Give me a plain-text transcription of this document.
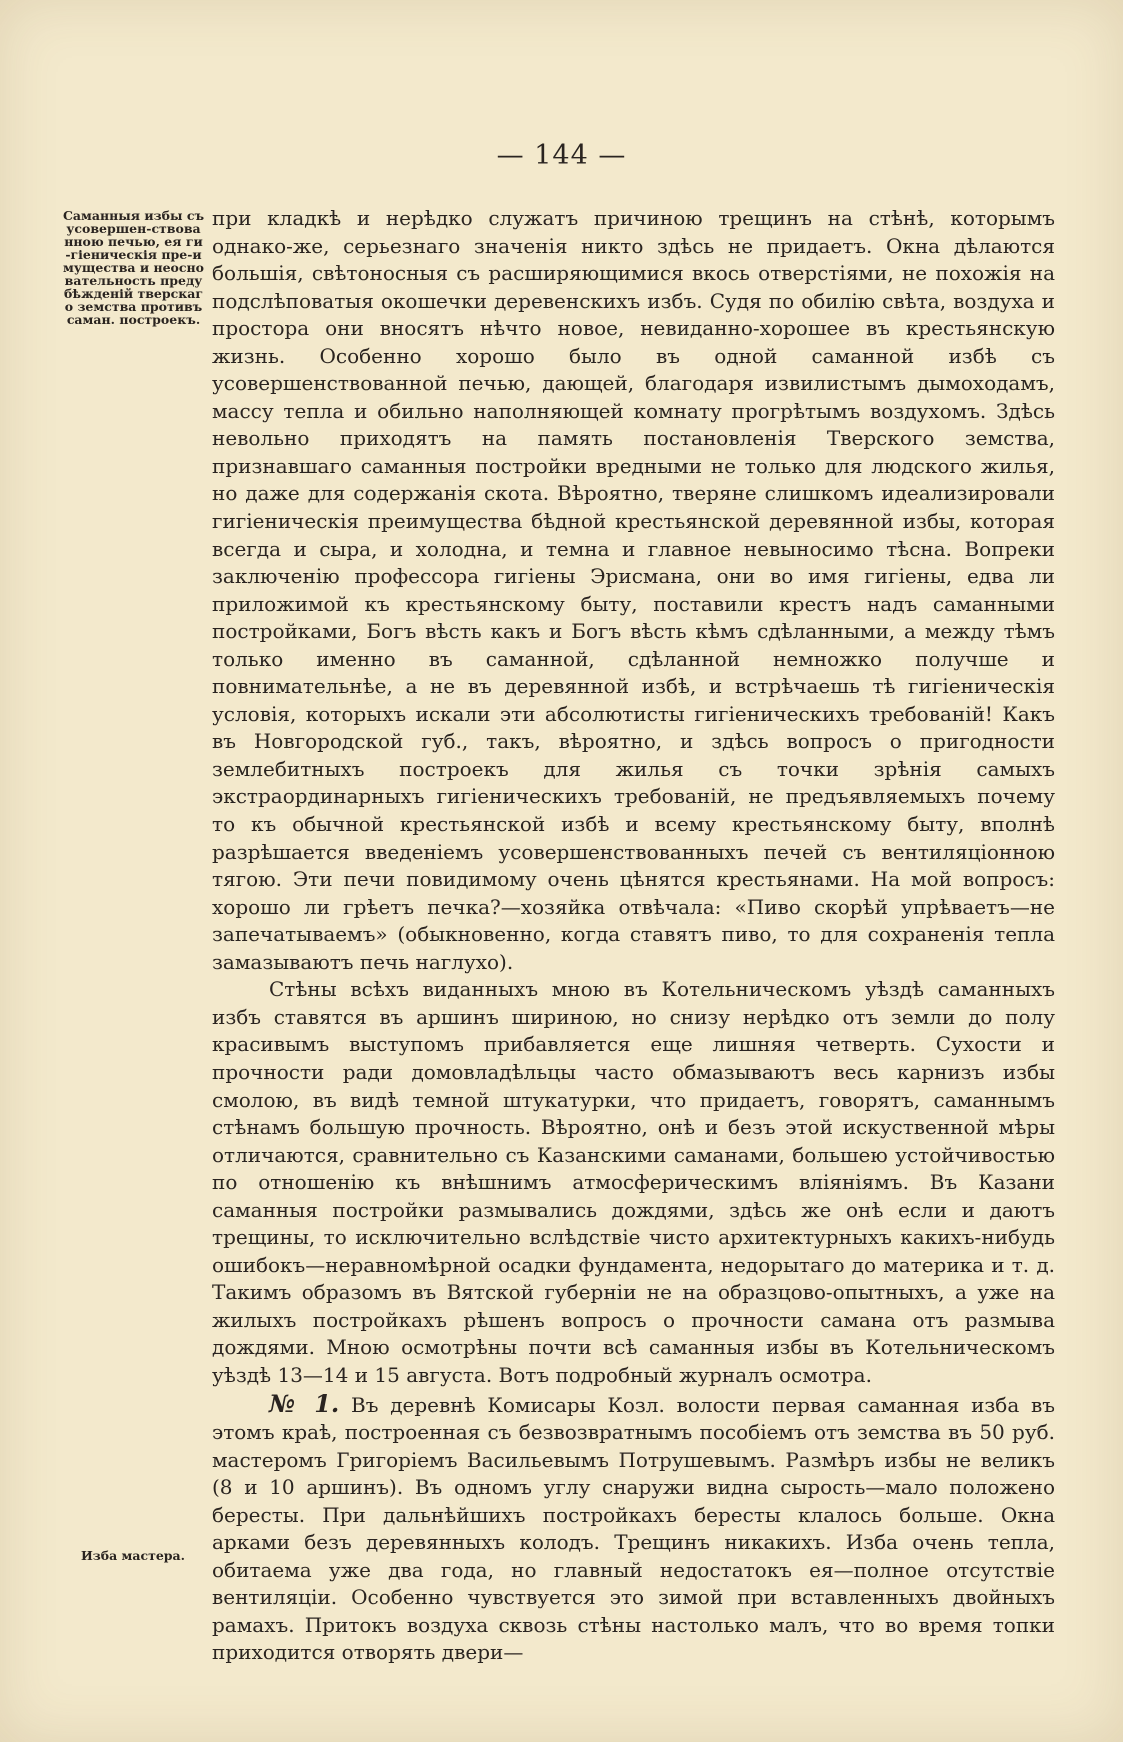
— 144 —
Саманныя избы съ усовершен-ствованною печью, ея ги-гіеническія пре-имущества и неосновательность предубѣжденій тверскаго земства противъ саман. построекъ.
Изба мастера.

при кладкѣ и нерѣдко служатъ причиною трещинъ на стѣнѣ, которымъ однако-же, серьезнаго значенія никто здѣсь не придаетъ. Окна дѣлаются большія, свѣтоносныя съ расширяющимися вкось отверстіями, не похожія на подслѣповатыя окошечки деревенскихъ избъ. Судя по обилію свѣта, воздуха и простора они вносятъ нѣчто новое, невиданно-хорошее въ крестьянскую жизнь. Особенно хорошо было въ одной саманной избѣ съ усовершенствованной печью, дающей, благодаря извилистымъ дымоходамъ, массу тепла и обильно наполняющей комнату прогрѣтымъ воздухомъ. Здѣсь невольно приходятъ на память постановленія Тверского земства, признавшаго саманныя постройки вредными не только для людского жилья, но даже для содержанія скота. Вѣроятно, тверяне слишкомъ идеализировали гигіеническія преимущества бѣдной крестьянской деревянной избы, которая всегда и сыра, и холодна, и темна и главное невыносимо тѣсна. Вопреки заключенію профессора гигіены Эрисмана, они во имя гигіены, едва ли приложимой къ крестьянскому быту, поставили крестъ надъ саманными постройками, Богъ вѣсть какъ и Богъ вѣсть кѣмъ сдѣланными, а между тѣмъ только именно въ саманной, сдѣланной немножко получше и повнимательнѣе, а не въ деревянной избѣ, и встрѣчаешь тѣ гигіеническія условія, которыхъ искали эти абсолютисты гигіеническихъ требованій! Какъ въ Новгородской губ., такъ, вѣроятно, и здѣсь вопросъ о пригодности землебитныхъ построекъ для жилья съ точки зрѣнія самыхъ экстраординарныхъ гигіеническихъ требованій, не предъявляемыхъ почему то къ обычной крестьянской избѣ и всему крестьянскому быту, вполнѣ разрѣшается введеніемъ усовершенствованныхъ печей съ вентиляціонною тягою. Эти печи повидимому очень цѣнятся крестьянами. На мой вопросъ: хорошо ли грѣетъ печка?—хозяйка отвѣчала: «Пиво скорѣй упрѣваетъ—не запечатываемъ» (обыкновенно, когда ставятъ пиво, то для сохраненія тепла замазываютъ печь наглухо).

Стѣны всѣхъ виданныхъ мною въ Котельническомъ уѣздѣ саманныхъ избъ ставятся въ аршинъ шириною, но снизу нерѣдко отъ земли до полу красивымъ выступомъ прибавляется еще лишняя четверть. Сухости и прочности ради домовладѣльцы часто обмазываютъ весь карнизъ избы смолою, въ видѣ темной штукатурки, что придаетъ, говорятъ, саманнымъ стѣнамъ большую прочность. Вѣроятно, онѣ и безъ этой искуственной мѣры отличаются, сравнительно съ Казанскими саманами, большею устойчивостью по отношенію къ внѣшнимъ атмосферическимъ вліяніямъ. Въ Казани саманныя постройки размывались дождями, здѣсь же онѣ если и даютъ трещины, то исключительно вслѣдствіе чисто архитектурныхъ какихъ-нибудь ошибокъ—неравномѣрной осадки фундамента, недорытаго до материка и т. д. Такимъ образомъ въ Вятской губерніи не на образцово-опытныхъ, а уже на жилыхъ постройкахъ рѣшенъ вопросъ о прочности самана отъ размыва дождями. Мною осмотрѣны почти всѣ саманныя избы въ Котельническомъ уѣздѣ 13—14 и 15 августа. Вотъ подробный журналъ осмотра.

№ 1. Въ деревнѣ Комисары Козл. волости первая саманная изба въ этомъ краѣ, построенная съ безвозвратнымъ пособіемъ отъ земства въ 50 руб. мастеромъ Григоріемъ Васильевымъ Потрушевымъ. Размѣръ избы не великъ (8 и 10 аршинъ). Въ одномъ углу снаружи видна сырость—мало положено бересты. При дальнѣйшихъ постройкахъ бересты клалось больше. Окна арками безъ деревянныхъ колодъ. Трещинъ никакихъ. Изба очень тепла, обитаема уже два года, но главный недостатокъ ея—полное отсутствіе вентиляціи. Особенно чувствуется это зимой при вставленныхъ двойныхъ рамахъ. Притокъ воздуха сквозь стѣны настолько малъ, что во время топки приходится отворять двери—
